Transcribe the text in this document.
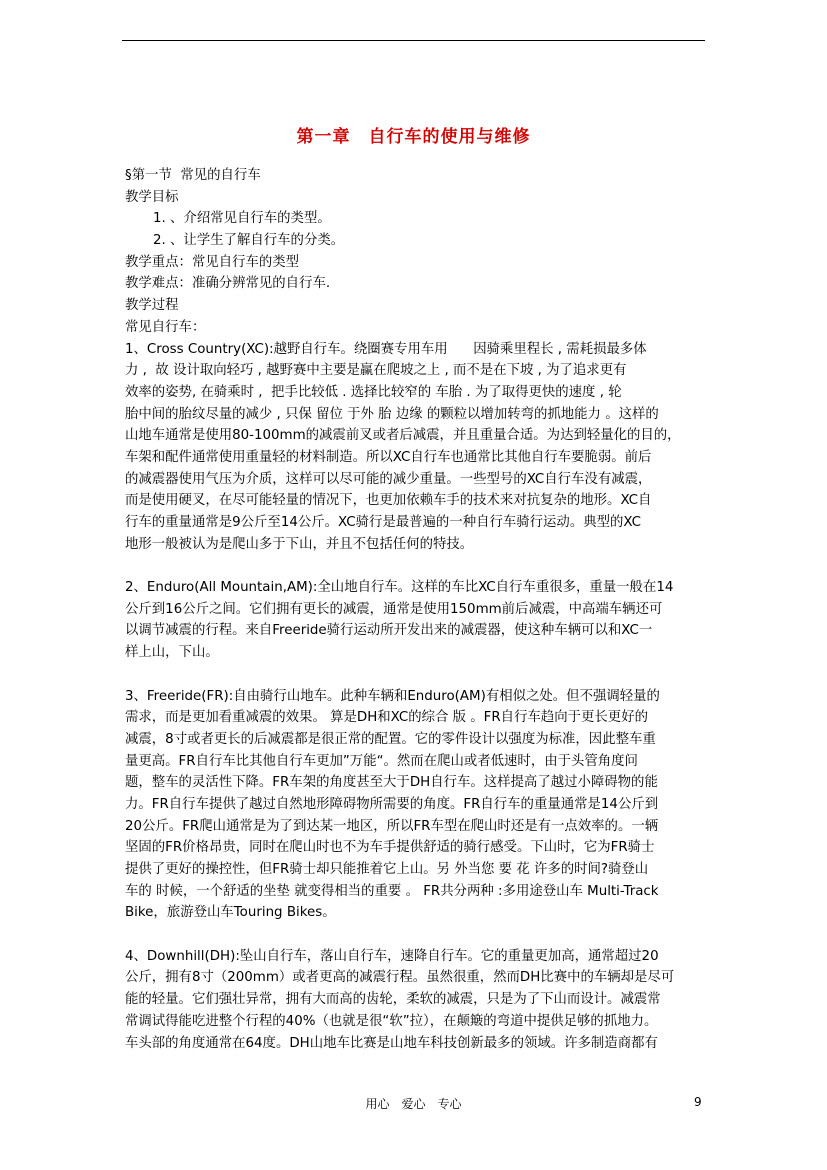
第一章　自行车的使用与维修
§第一节  常见的自行车
教学目标
1. 、介绍常见自行车的类型。
2. 、让学生了解自行车的分类。
教学重点：常见自行车的类型
教学难点：准确分辨常见的自行车.
教学过程
常见自行车：
1、Cross Country(XC):越野自行车。绕圈赛专用车用      因骑乘里程长 , 需耗损最多体
力 ,  故 设计取向轻巧 , 越野赛中主要是赢在爬坡之上 , 而不是在下坡 , 为了追求更有
效率的姿势, 在骑乘时 ,  把手比较低 . 选择比较窄的 车胎 . 为了取得更快的速度 , 轮
胎中间的胎纹尽量的减少 , 只保 留位 于外 胎 边缘 的颗粒以增加转弯的抓地能力 。这样的
山地车通常是使用80-100mm的减震前叉或者后减震，并且重量合适。为达到轻量化的目的，
车架和配件通常使用重量轻的材料制造。所以XC自行车也通常比其他自行车要脆弱。前后
的减震器使用气压为介质，这样可以尽可能的减少重量。一些型号的XC自行车没有减震，
而是使用硬叉，在尽可能轻量的情况下，也更加依赖车手的技术来对抗复杂的地形。XC自
行车的重量通常是9公斤至14公斤。XC骑行是最普遍的一种自行车骑行运动。典型的XC
地形一般被认为是爬山多于下山，并且不包括任何的特技。
2、Enduro(All Mountain,AM):全山地自行车。这样的车比XC自行车重很多，重量一般在14
公斤到16公斤之间。它们拥有更长的减震，通常是使用150mm前后减震，中高端车辆还可
以调节减震的行程。来自Freeride骑行运动所开发出来的减震器，使这种车辆可以和XC一
样上山，下山。
3、Freeride(FR):自由骑行山地车。此种车辆和Enduro(AM)有相似之处。但不强调轻量的
需求，而是更加看重减震的效果。 算是DH和XC的综合 版 。FR自行车趋向于更长更好的
减震，8寸或者更长的后减震都是很正常的配置。它的零件设计以强度为标准，因此整车重
量更高。FR自行车比其他自行车更加”万能“。然而在爬山或者低速时，由于头管角度问
题，整车的灵活性下降。FR车架的角度甚至大于DH自行车。这样提高了越过小障碍物的能
力。FR自行车提供了越过自然地形障碍物所需要的角度。FR自行车的重量通常是14公斤到
20公斤。FR爬山通常是为了到达某一地区，所以FR车型在爬山时还是有一点效率的。一辆
坚固的FR价格昂贵，同时在爬山时也不为车手提供舒适的骑行感受。下山时，它为FR骑士
提供了更好的操控性，但FR骑士却只能推着它上山。另 外当您 要 花 许多的时间?骑登山
车的 时候，一个舒适的坐垫 就变得相当的重要 。 FR共分两种 :多用途登山车 Multi-Track
Bike，旅游登山车Touring Bikes。
4、Downhill(DH):坠山自行车，落山自行车，速降自行车。它的重量更加高，通常超过20
公斤，拥有8寸（200mm）或者更高的减震行程。虽然很重，然而DH比赛中的车辆却是尽可
能的轻量。它们强壮异常，拥有大而高的齿轮，柔软的减震，只是为了下山而设计。减震常
常调试得能吃进整个行程的40%（也就是很“软”拉），在颠簸的弯道中提供足够的抓地力。
车头部的角度通常在64度。DH山地车比赛是山地车科技创新最多的领域。许多制造商都有
用心　爱心　专心	9
